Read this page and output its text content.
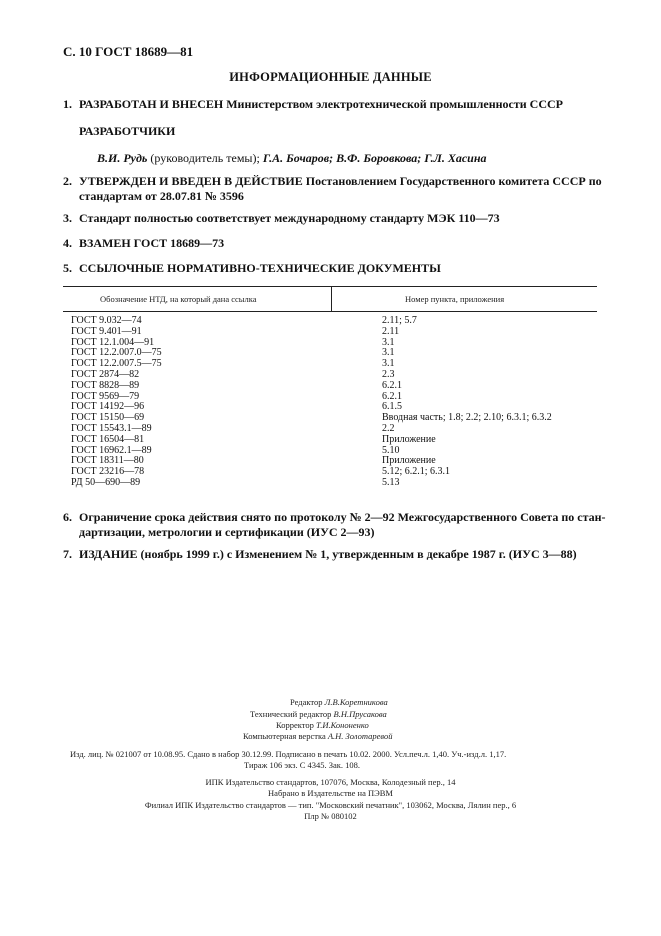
С. 10 ГОСТ 18689—81
ИНФОРМАЦИОННЫЕ ДАННЫЕ
1. РАЗРАБОТАН И ВНЕСЕН Министерством электротехнической промышленности СССР
РАЗРАБОТЧИКИ
В.И. Рудь (руководитель темы); Г.А. Бочаров; В.Ф. Боровкова; Г.Л. Хасина
2. УТВЕРЖДЕН И ВВЕДЕН В ДЕЙСТВИЕ Постановлением Государственного комитета СССР по
стандартам от 28.07.81 № 3596
3. Стандарт полностью соответствует международному стандарту МЭК 110—73
4. ВЗАМЕН ГОСТ 18689—73
5. ССЫЛОЧНЫЕ НОРМАТИВНО-ТЕХНИЧЕСКИЕ ДОКУМЕНТЫ
Обозначение НТД, на который дана ссылка	Номер пункта, приложения
ГОСТ 9.032—74
ГОСТ 9.401—91
ГОСТ 12.1.004—91
ГОСТ 12.2.007.0—75
ГОСТ 12.2.007.5—75
ГОСТ 2874—82
ГОСТ 8828—89
ГОСТ 9569—79
ГОСТ 14192—96
ГОСТ 15150—69
ГОСТ 15543.1—89
ГОСТ 16504—81
ГОСТ 16962.1—89
ГОСТ 18311—80
ГОСТ 23216—78
РД 50—690—89
2.11; 5.7
2.11
3.1
3.1
3.1
2.3
6.2.1
6.2.1
6.1.5
Вводная часть; 1.8; 2.2; 2.10; 6.3.1; 6.3.2
2.2
Приложение
5.10
Приложение
5.12; 6.2.1; 6.3.1
5.13
6. Ограничение срока действия снято по протоколу № 2—92 Межгосударственного Совета по стан-
дартизации, метрологии и сертификации (ИУС 2—93)
7. ИЗДАНИЕ (ноябрь 1999 г.) с Изменением № 1, утвержденным в декабре 1987 г. (ИУС 3—88)
Редактор Л.В.Коретникова
Технический редактор В.Н.Прусакова
Корректор Т.И.Кононенко
Компьютерная верстка А.Н. Золотаревой
Изд. лиц. № 021007 от 10.08.95. Сдано в набор 30.12.99. Подписано в печать 10.02. 2000. Усл.печ.л. 1,40. Уч.-изд.л. 1,17.
Тираж 106 экз. С 4345. Зак. 108.
ИПК Издательство стандартов, 107076, Москва, Колодезный пер., 14
Набрано в Издательстве на ПЭВМ
Филиал ИПК Издательство стандартов — тип. "Московский печатник", 103062, Москва, Лялин пер., 6
Плр № 080102
